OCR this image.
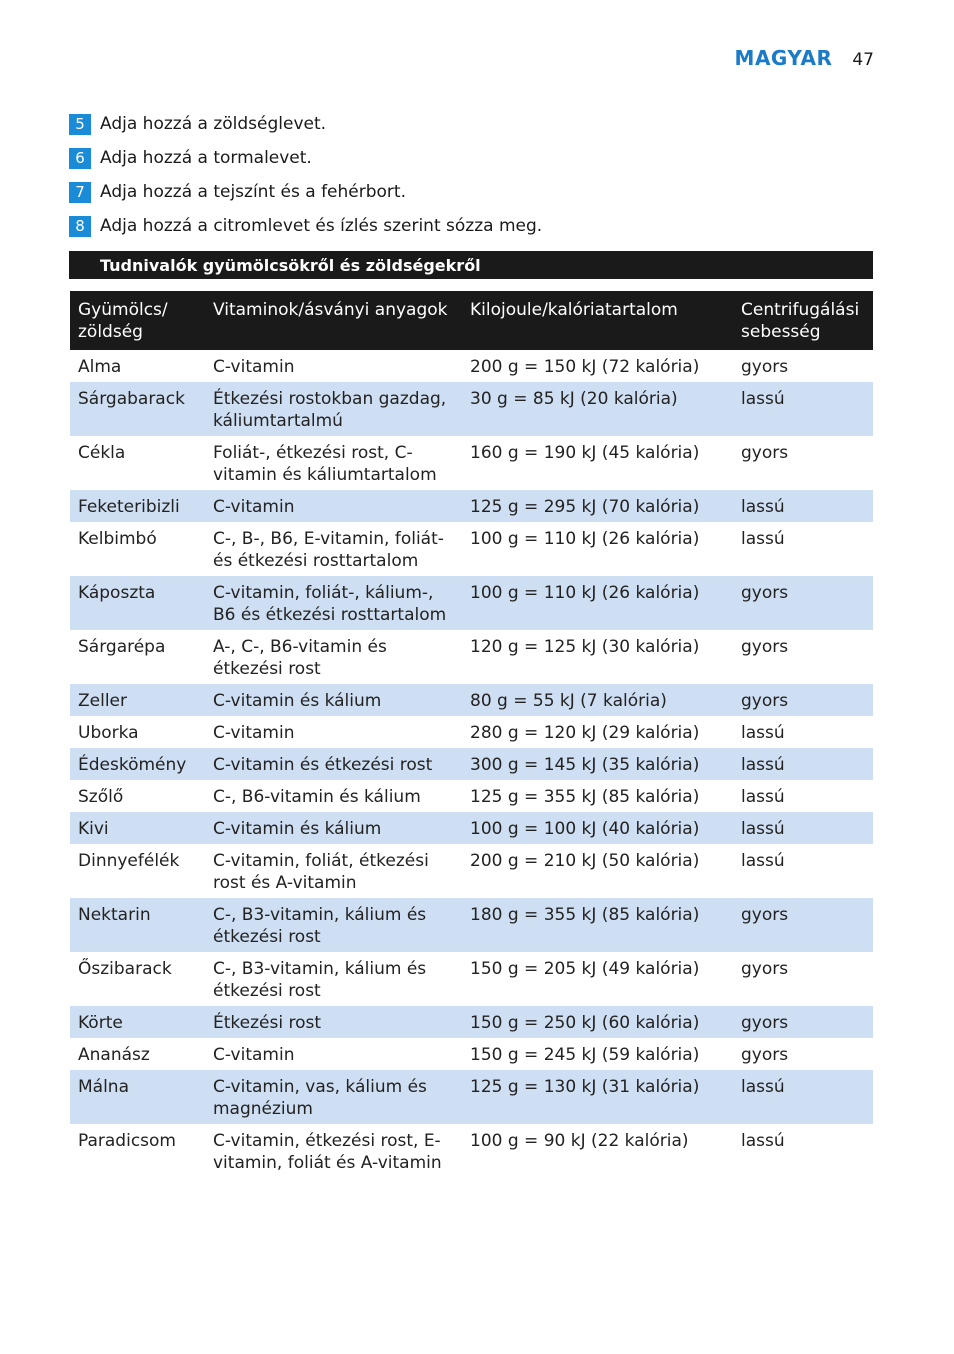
MAGYAR 47
5 Adja hozzá a zöldséglevet.
6 Adja hozzá a tormalevet.
7 Adja hozzá a tejszínt és a fehérbort.
8 Adja hozzá a citromlevet és ízlés szerint sózza meg.
Tudnivalók gyümölcsökről és zöldségekről
Gyümölcs/ zöldség	Vitaminok/ásványi anyagok	Kilojoule/kalóriatartalom	Centrifugálási sebesség
Alma	C-vitamin	200 g = 150 kJ (72 kalória)	gyors
Sárgabarack	Étkezési rostokban gazdag, káliumtartalmú	30 g = 85 kJ (20 kalória)	lassú
Cékla	Foliát-, étkezési rost, C-vitamin és káliumtartalom	160 g = 190 kJ (45 kalória)	gyors
Feketeribizli	C-vitamin	125 g = 295 kJ (70 kalória)	lassú
Kelbimbó	C-, B-, B6, E-vitamin, foliát- és étkezési rosttartalom	100 g = 110 kJ (26 kalória)	lassú
Káposzta	C-vitamin, foliát-, kálium-, B6 és étkezési rosttartalom	100 g = 110 kJ (26 kalória)	gyors
Sárgarépa	A-, C-, B6-vitamin és étkezési rost	120 g = 125 kJ (30 kalória)	gyors
Zeller	C-vitamin és kálium	80 g = 55 kJ (7 kalória)	gyors
Uborka	C-vitamin	280 g = 120 kJ (29 kalória)	lassú
Édeskömény	C-vitamin és étkezési rost	300 g = 145 kJ (35 kalória)	lassú
Szőlő	C-, B6-vitamin és kálium	125 g = 355 kJ (85 kalória)	lassú
Kivi	C-vitamin és kálium	100 g = 100 kJ (40 kalória)	lassú
Dinnyefélék	C-vitamin, foliát, étkezési rost és A-vitamin	200 g = 210 kJ (50 kalória)	lassú
Nektarin	C-, B3-vitamin, kálium és étkezési rost	180 g = 355 kJ (85 kalória)	gyors
Őszibarack	C-, B3-vitamin, kálium és étkezési rost	150 g = 205 kJ (49 kalória)	gyors
Körte	Étkezési rost	150 g = 250 kJ (60 kalória)	gyors
Ananász	C-vitamin	150 g = 245 kJ (59 kalória)	gyors
Málna	C-vitamin, vas, kálium és magnézium	125 g = 130 kJ (31 kalória)	lassú
Paradicsom	C-vitamin, étkezési rost, E-vitamin, foliát és A-vitamin	100 g = 90 kJ (22 kalória)	lassú
